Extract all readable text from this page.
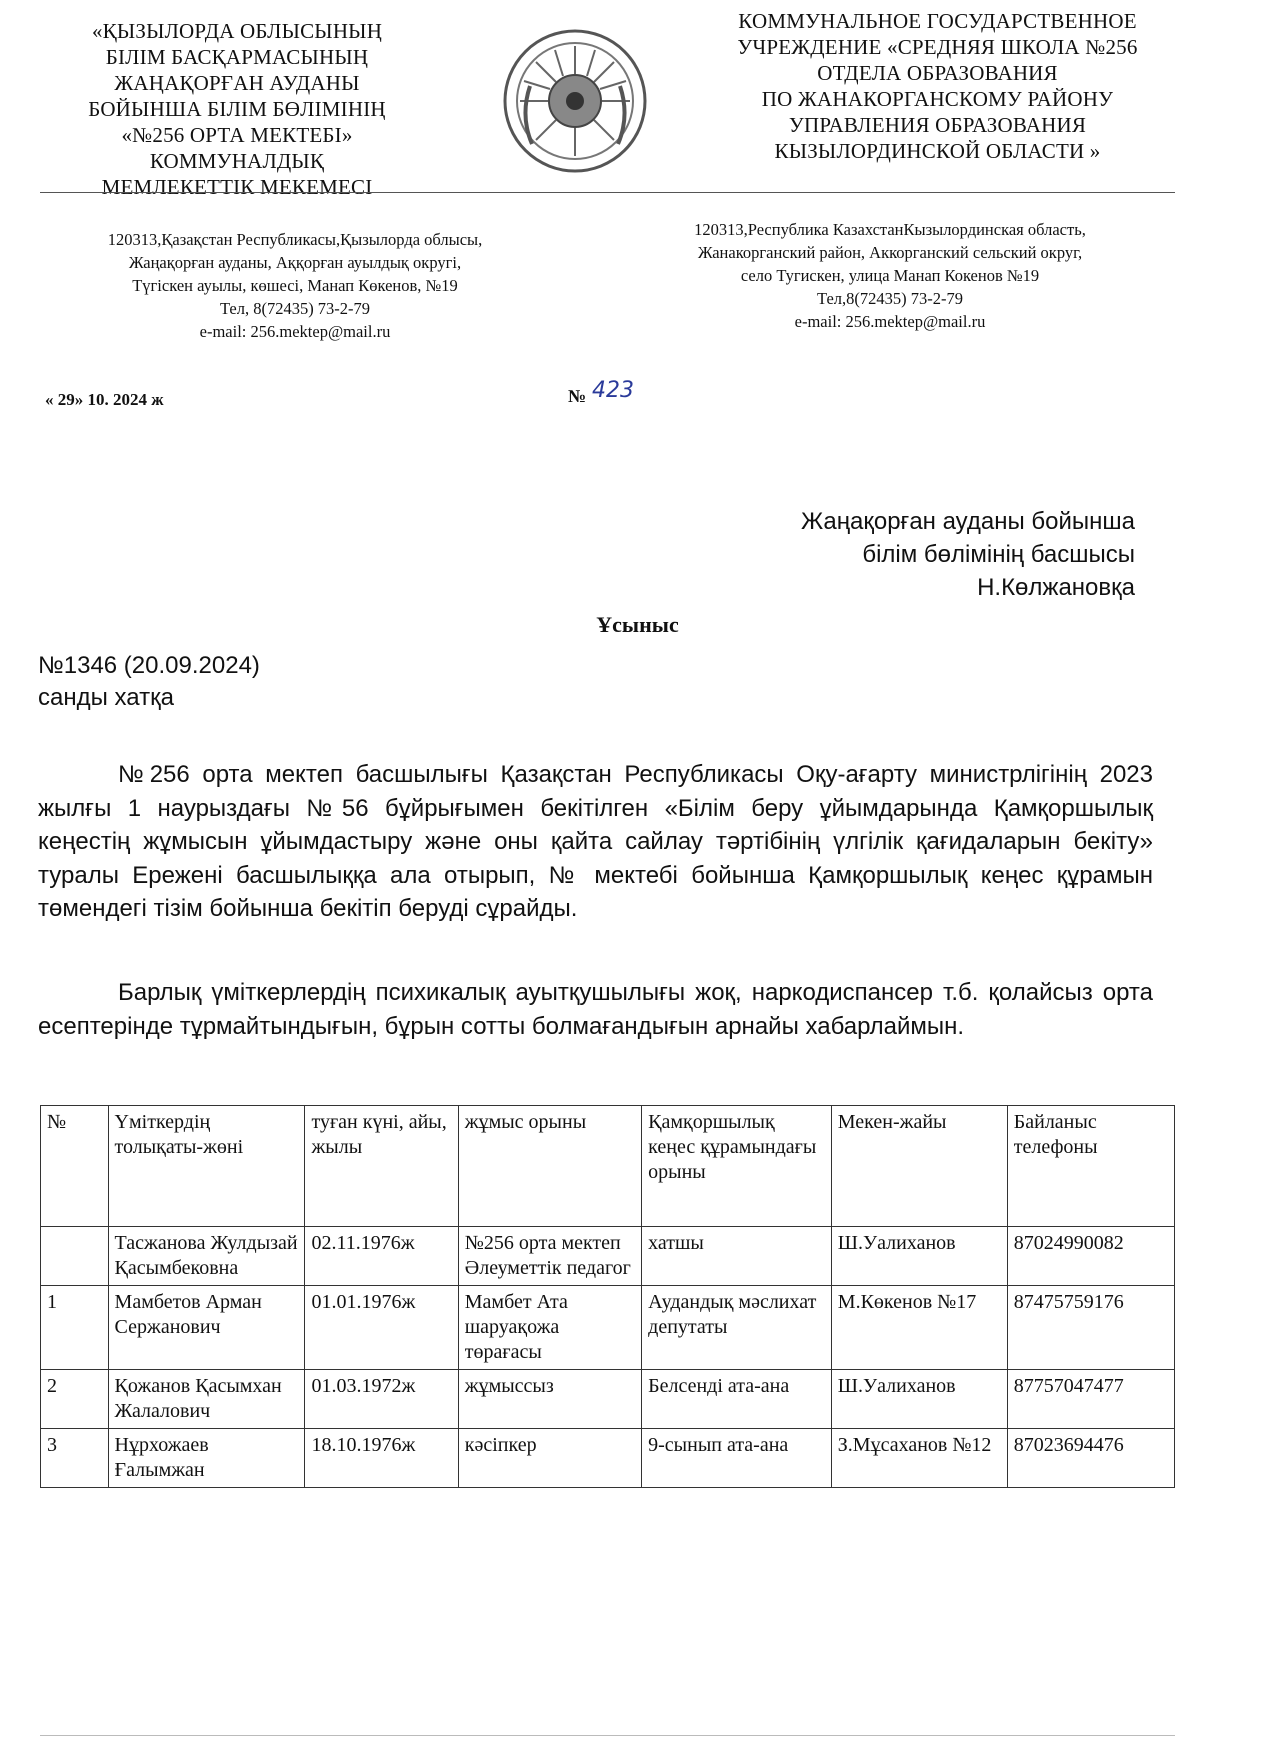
«ҚЫЗЫЛОРДА ОБЛЫСЫНЫҢ
БІЛІМ БАСҚАРМАСЫНЫҢ
ЖАҢАҚОРҒАН АУДАНЫ
БОЙЫНША БІЛІМ БӨЛІМІНІҢ
«№256 ОРТА МЕКТЕБІ»
КОММУНАЛДЫҚ
МЕМЛЕКЕТТІК МЕКЕМЕСІ
КОММУНАЛЬНОЕ ГОСУДАРСТВЕННОЕ
УЧРЕЖДЕНИЕ «СРЕДНЯЯ ШКОЛА №256
ОТДЕЛА ОБРАЗОВАНИЯ
ПО ЖАНАКОРГАНСКОМУ РАЙОНУ
УПРАВЛЕНИЯ ОБРАЗОВАНИЯ
КЫЗЫЛОРДИНСКОЙ ОБЛАСТИ »
120313,Қазақстан Республикасы,Қызылорда облысы,
Жаңақорған ауданы, Аққорған ауылдық округі,
Түгіскен ауылы, көшесі, Манап Көкенов, №19
Тел, 8(72435) 73-2-79
e-mail: 256.mektep@mail.ru
120313,Республика КазахстанКызылординская область,
Жанакорганский район, Аккорганский сельский округ,
село Тугискен, улица Манап Кокенов №19
Тел,8(72435) 73-2-79
e-mail: 256.mektep@mail.ru
« 29» 10. 2024 ж	№ 423
Жаңақорған ауданы бойынша
білім бөлімінің басшысы
Н.Көлжановқа
Ұсыныс
№1346 (20.09.2024)
санды хатқа
№256 орта мектеп басшылығы Қазақстан Республикасы Оқу-ағарту министрлігінің 2023 жылғы 1 наурыздағы №56 бұйрығымен бекітілген «Білім беру ұйымдарында Қамқоршылық кеңестің жұмысын ұйымдастыру және оны қайта сайлау тәртібінің үлгілік қағидаларын бекіту» туралы Ережені басшылыққа ала отырып, № мектебі бойынша Қамқоршылық кеңес құрамын төмендегі тізім бойынша бекітіп беруді сұрайды.
Барлық үміткерлердің психикалық ауытқушылығы жоқ, наркодиспансер т.б. қолайсыз орта есептерінде тұрмайтындығын, бұрын сотты болмағандығын арнайы хабарлаймын.
№	Үміткердің толықаты-жөні	туған күні, айы, жылы	жұмыс орыны	Қамқоршылық кеңес құрамындағы орыны	Мекен-жайы	Байланыс телефоны
	Тасжанова Жулдызай Қасымбековна	02.11.1976ж	№256 орта мектеп Әлеуметтік педагог	хатшы	Ш.Уалиханов	87024990082
1	Мамбетов Арман Сержанович	01.01.1976ж	Мамбет Ата шаруақожа төрағасы	Аудандық мәслихат депутаты	М.Көкенов №17	87475759176
2	Қожанов Қасымхан Жалалович	01.03.1972ж	жұмыссыз	Белсенді ата-ана	Ш.Уалиханов	87757047477
3	Нұрхожаев Ғалымжан	18.10.1976ж	кәсіпкер	9-сынып ата-ана	З.Мұсаханов №12	87023694476
